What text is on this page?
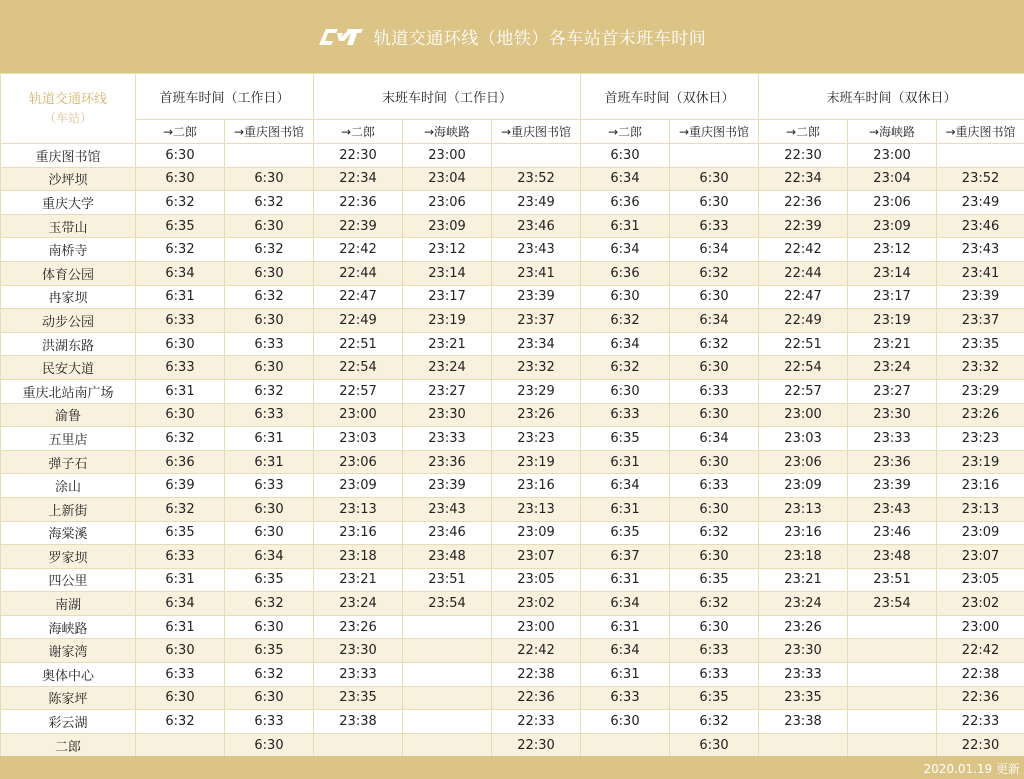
轨道交通环线（地铁）各车站首末班车时间
轨道交通环线
（车站）	首班车时间（工作日）		末班车时间（工作日）			首班车时间（双休日）		末班车时间（双休日）		
	→二郎	→重庆图书馆	→二郎	→海峡路	→重庆图书馆	→二郎	→重庆图书馆	→二郎	→海峡路	→重庆图书馆
重庆图书馆	6:30		22:30	23:00		6:30		22:30	23:00	
沙坪坝	6:30	6:30	22:34	23:04	23:52	6:34	6:30	22:34	23:04	23:52
重庆大学	6:32	6:32	22:36	23:06	23:49	6:36	6:30	22:36	23:06	23:49
玉带山	6:35	6:30	22:39	23:09	23:46	6:31	6:33	22:39	23:09	23:46
南桥寺	6:32	6:32	22:42	23:12	23:43	6:34	6:34	22:42	23:12	23:43
体育公园	6:34	6:30	22:44	23:14	23:41	6:36	6:32	22:44	23:14	23:41
冉家坝	6:31	6:32	22:47	23:17	23:39	6:30	6:30	22:47	23:17	23:39
动步公园	6:33	6:30	22:49	23:19	23:37	6:32	6:34	22:49	23:19	23:37
洪湖东路	6:30	6:33	22:51	23:21	23:34	6:34	6:32	22:51	23:21	23:35
民安大道	6:33	6:30	22:54	23:24	23:32	6:32	6:30	22:54	23:24	23:32
重庆北站南广场	6:31	6:32	22:57	23:27	23:29	6:30	6:33	22:57	23:27	23:29
渝鲁	6:30	6:33	23:00	23:30	23:26	6:33	6:30	23:00	23:30	23:26
五里店	6:32	6:31	23:03	23:33	23:23	6:35	6:34	23:03	23:33	23:23
弹子石	6:36	6:31	23:06	23:36	23:19	6:31	6:30	23:06	23:36	23:19
涂山	6:39	6:33	23:09	23:39	23:16	6:34	6:33	23:09	23:39	23:16
上新街	6:32	6:30	23:13	23:43	23:13	6:31	6:30	23:13	23:43	23:13
海棠溪	6:35	6:30	23:16	23:46	23:09	6:35	6:32	23:16	23:46	23:09
罗家坝	6:33	6:34	23:18	23:48	23:07	6:37	6:30	23:18	23:48	23:07
四公里	6:31	6:35	23:21	23:51	23:05	6:31	6:35	23:21	23:51	23:05
南湖	6:34	6:32	23:24	23:54	23:02	6:34	6:32	23:24	23:54	23:02
海峡路	6:31	6:30	23:26		23:00	6:31	6:30	23:26		23:00
谢家湾	6:30	6:35	23:30		22:42	6:34	6:33	23:30		22:42
奥体中心	6:33	6:32	23:33		22:38	6:31	6:33	23:33		22:38
陈家坪	6:30	6:30	23:35		22:36	6:33	6:35	23:35		22:36
彩云湖	6:32	6:33	23:38		22:33	6:30	6:32	23:38		22:33
二郎		6:30			22:30		6:30			22:30
2020.01.19 更新
